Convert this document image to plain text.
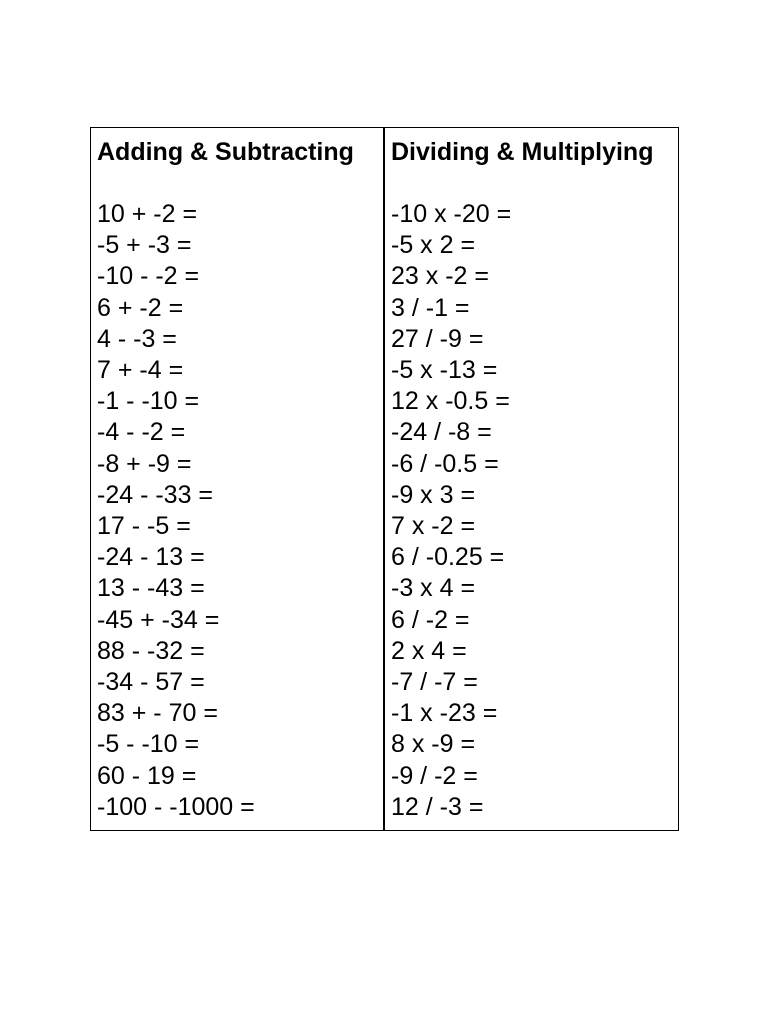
Adding & Subtracting
10 + -2 =
-5 + -3 =
-10 - -2 =
6 + -2 =
4 - -3 =
7 + -4 =
-1 - -10 =
-4 - -2 =
-8 + -9 =
-24 - -33 =
17 - -5 =
-24 - 13 =
13 - -43 =
-45 + -34 =
88 - -32 =
-34 - 57 =
83 + - 70 =
-5 - -10 =
60 - 19 =
-100 - -1000 =
Dividing & Multiplying
-10 x -20 =
-5 x 2 =
23 x -2 =
3 / -1 =
27 / -9 =
-5 x -13 =
12 x -0.5 =
-24 / -8 =
-6 / -0.5 =
-9 x 3 =
7 x -2 =
6 / -0.25 =
-3 x 4 =
6 / -2 =
2 x 4 =
-7 / -7 =
-1 x -23 =
8 x -9 =
-9 / -2 =
12 / -3 =
